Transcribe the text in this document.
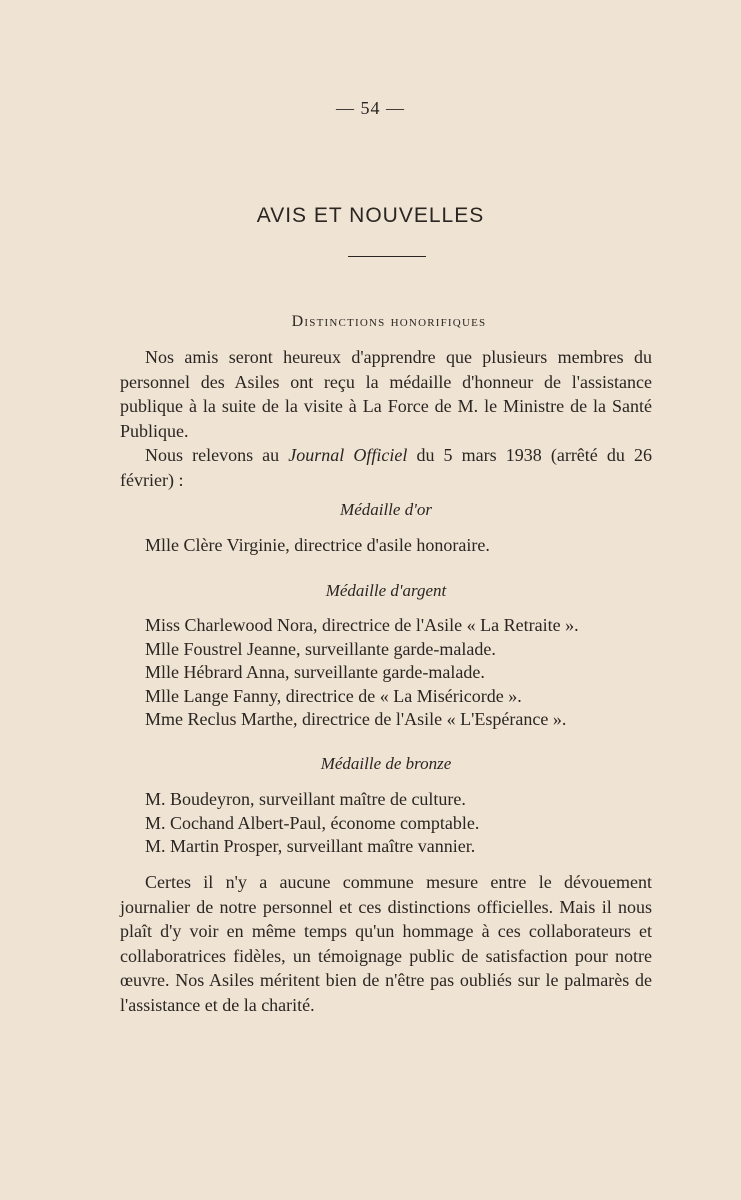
— 54 —
AVIS ET NOUVELLES
Distinctions honorifiques

Nos amis seront heureux d'apprendre que plusieurs membres du personnel des Asiles ont reçu la médaille d'honneur de l'assistance publique à la suite de la visite à La Force de M. le Ministre de la Santé Publique.

Nous relevons au Journal Officiel du 5 mars 1938 (arrêté du 26 février) :

Médaille d'or
Mlle Clère Virginie, directrice d'asile honoraire.
Médaille d'argent
Miss Charlewood Nora, directrice de l'Asile « La Retraite ».
Mlle Foustrel Jeanne, surveillante garde-malade.
Mlle Hébrard Anna, surveillante garde-malade.
Mlle Lange Fanny, directrice de « La Miséricorde ».
Mme Reclus Marthe, directrice de l'Asile « L'Espérance ».
Médaille de bronze
M. Boudeyron, surveillant maître de culture.
M. Cochand Albert-Paul, économe comptable.
M. Martin Prosper, surveillant maître vannier.

Certes il n'y a aucune commune mesure entre le dévouement journalier de notre personnel et ces distinctions officielles. Mais il nous plaît d'y voir en même temps qu'un hommage à ces collaborateurs et collaboratrices fidèles, un témoignage public de satisfaction pour notre œuvre. Nos Asiles méritent bien de n'être pas oubliés sur le palmarès de l'assistance et de la charité.
